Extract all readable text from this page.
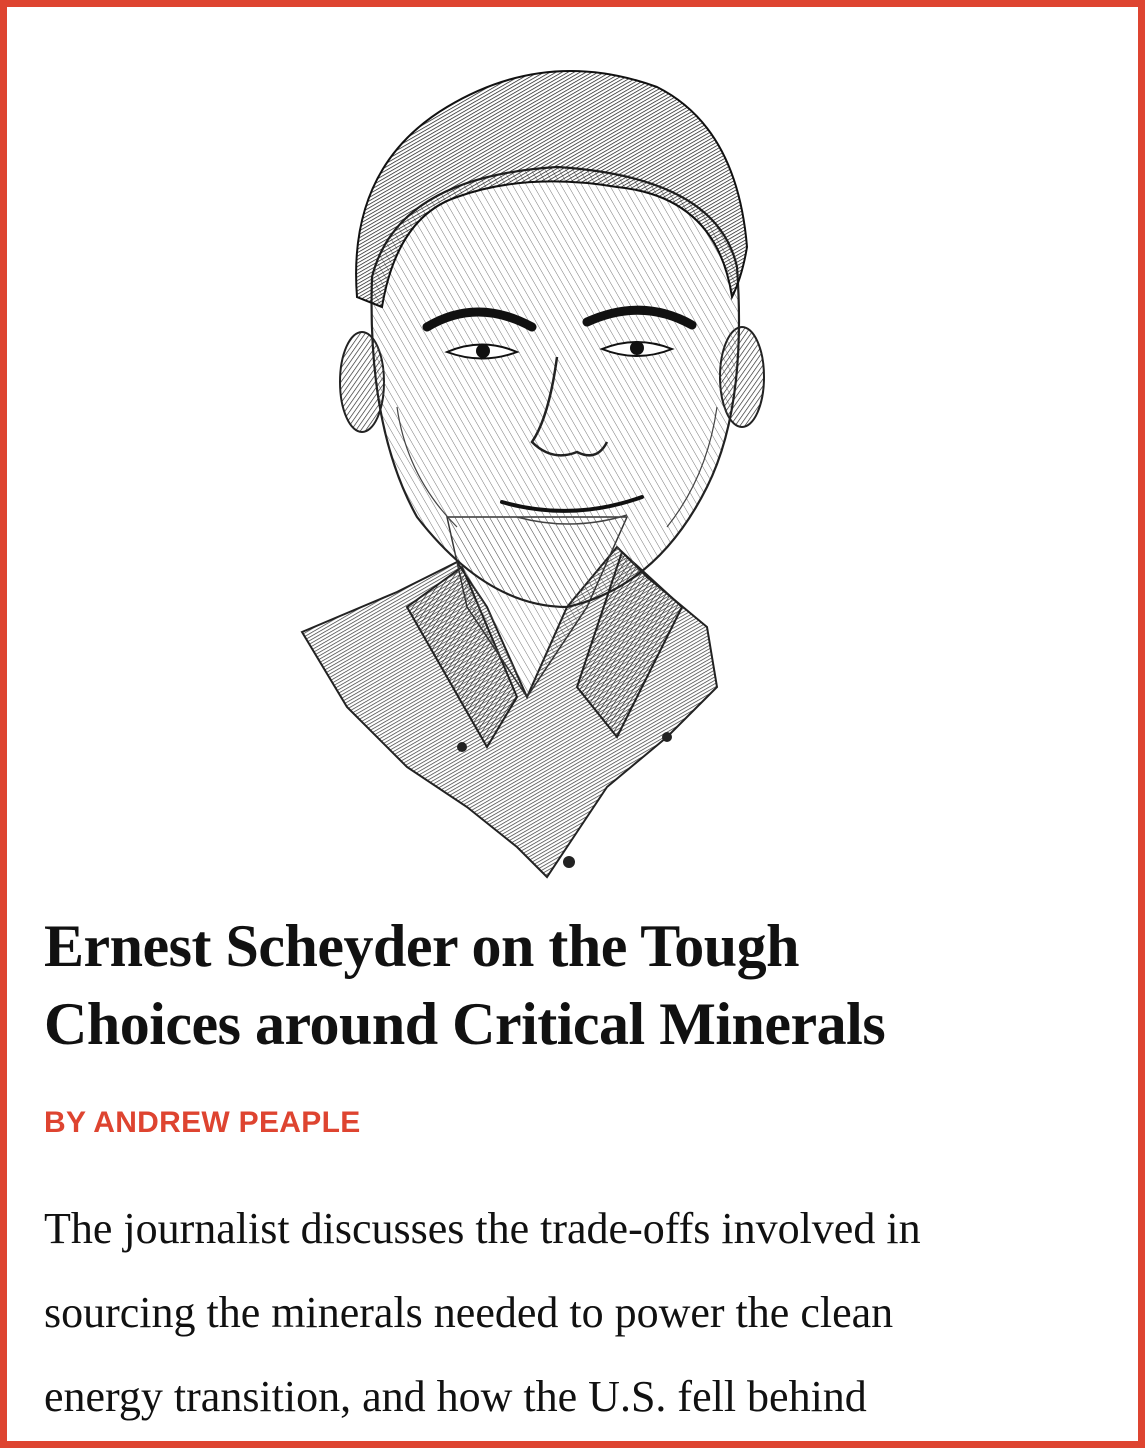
Ernest Scheyder on the Tough
Choices around Critical Minerals

BY ANDREW PEAPLE

The journalist discusses the trade-offs involved in
sourcing the minerals needed to power the clean
energy transition, and how the U.S. fell behind
